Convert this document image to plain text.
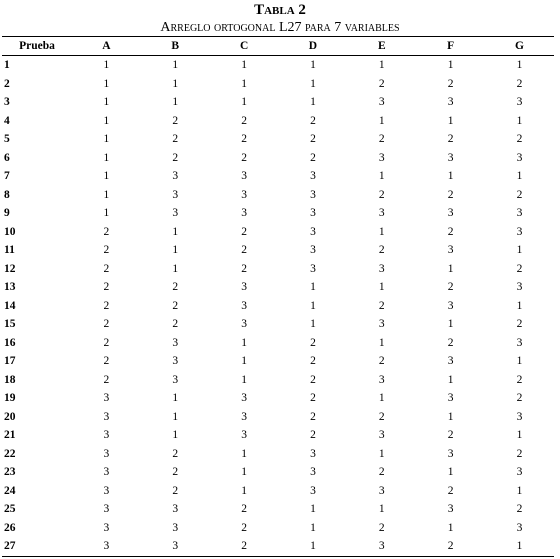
Tabla 2
Arreglo ortogonal L27 para 7 variables
Prueba	A	B	C	D	E	F	G
1	1	1	1	1	1	1	1
2	1	1	1	1	2	2	2
3	1	1	1	1	3	3	3
4	1	2	2	2	1	1	1
5	1	2	2	2	2	2	2
6	1	2	2	2	3	3	3
7	1	3	3	3	1	1	1
8	1	3	3	3	2	2	2
9	1	3	3	3	3	3	3
10	2	1	2	3	1	2	3
11	2	1	2	3	2	3	1
12	2	1	2	3	3	1	2
13	2	2	3	1	1	2	3
14	2	2	3	1	2	3	1
15	2	2	3	1	3	1	2
16	2	3	1	2	1	2	3
17	2	3	1	2	2	3	1
18	2	3	1	2	3	1	2
19	3	1	3	2	1	3	2
20	3	1	3	2	2	1	3
21	3	1	3	2	3	2	1
22	3	2	1	3	1	3	2
23	3	2	1	3	2	1	3
24	3	2	1	3	3	2	1
25	3	3	2	1	1	3	2
26	3	3	2	1	2	1	3
27	3	3	2	1	3	2	1
